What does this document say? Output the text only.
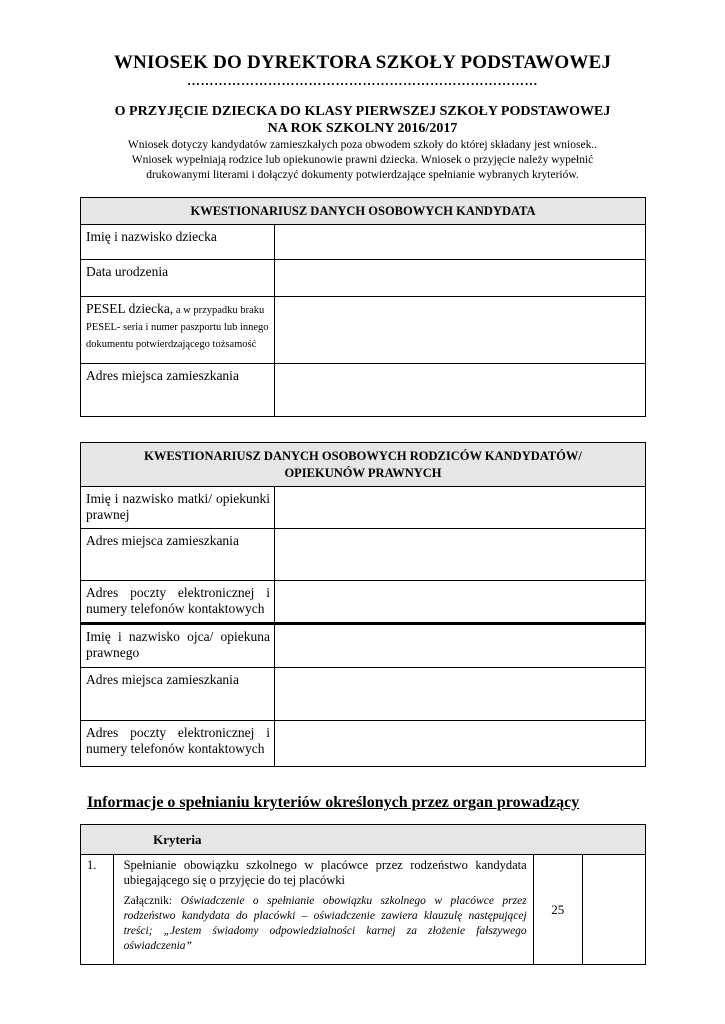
WNIOSEK DO DYREKTORA SZKOŁY PODSTAWOWEJ
……………………………………………………………………
O PRZYJĘCIE DZIECKA DO KLASY PIERWSZEJ SZKOŁY PODSTAWOWEJ
NA ROK SZKOLNY 2016/2017
Wniosek dotyczy kandydatów zamieszkałych poza obwodem szkoły do której składany jest wniosek..
Wniosek wypełniają rodzice lub opiekunowie prawni dziecka. Wniosek o przyjęcie należy wypełnić
drukowanymi literami i dołączyć dokumenty potwierdzające spełnianie wybranych kryteriów.
KWESTIONARIUSZ DANYCH OSOBOWYCH KANDYDATA	
Imię i nazwisko dziecka	
Data urodzenia	
PESEL dziecka, a w przypadku braku PESEL- seria i numer paszportu lub innego dokumentu potwierdzającego tożsamość	
Adres miejsca zamieszkania	
KWESTIONARIUSZ DANYCH OSOBOWYCH RODZICÓW KANDYDATÓW/
OPIEKUNÓW PRAWNYCH	

Imię i nazwisko matki/ opiekunki prawnej	
Adres miejsca zamieszkania	
Adres poczty elektronicznej i numery telefonów kontaktowych	
Imię i nazwisko ojca/ opiekuna prawnego	
Adres miejsca zamieszkania	
Adres poczty elektronicznej i numery telefonów kontaktowych	
Informacje o spełnianiu kryteriów określonych przez organ prowadzący
	Kryteria		
1.	Spełnianie obowiązku szkolnego w placówce przez rodzeństwo kandydata ubiegającego się o przyjęcie do tej placówki
Załącznik: Oświadczenie o spełnianie obowiązku szkolnego w placówce przez rodzeństwo kandydata do placówki – oświadczenie zawiera klauzulę następującej treści; „Jestem świadomy odpowiedzialności karnej za złożenie fałszywego oświadczenia”	25	
